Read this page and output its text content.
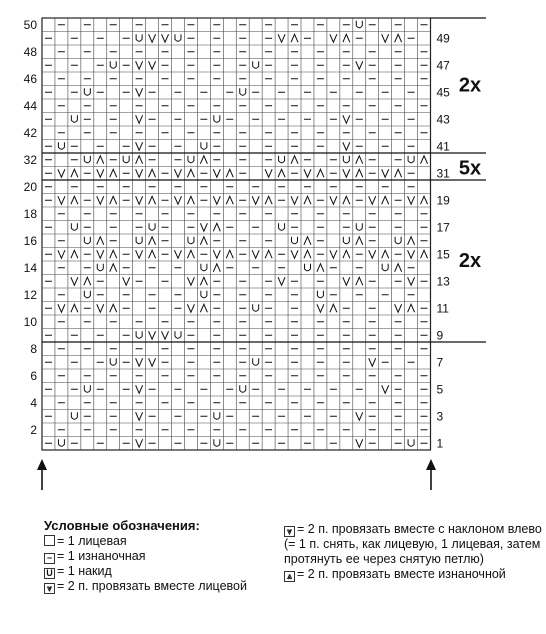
50
48
46
44
42
32
20
18
16
14
12
10
8
6
4
2
49
47
45
43
41
31
19
17
15
13
11
9
7
5
3
1
2x
5x
2x
Условные обозначения:
= 1 лицевая
− = 1 изнаночная
U = 1 накид
⩔ = 2 п. провязать вместе лицевой
⩔ = 2 п. провязать вместе с наклоном влево (= 1 п. снять, как лицевую, 1 лицевая, затем протянуть ее через снятую петлю)
⩓ = 2 п. провязать вместе изнаночной
